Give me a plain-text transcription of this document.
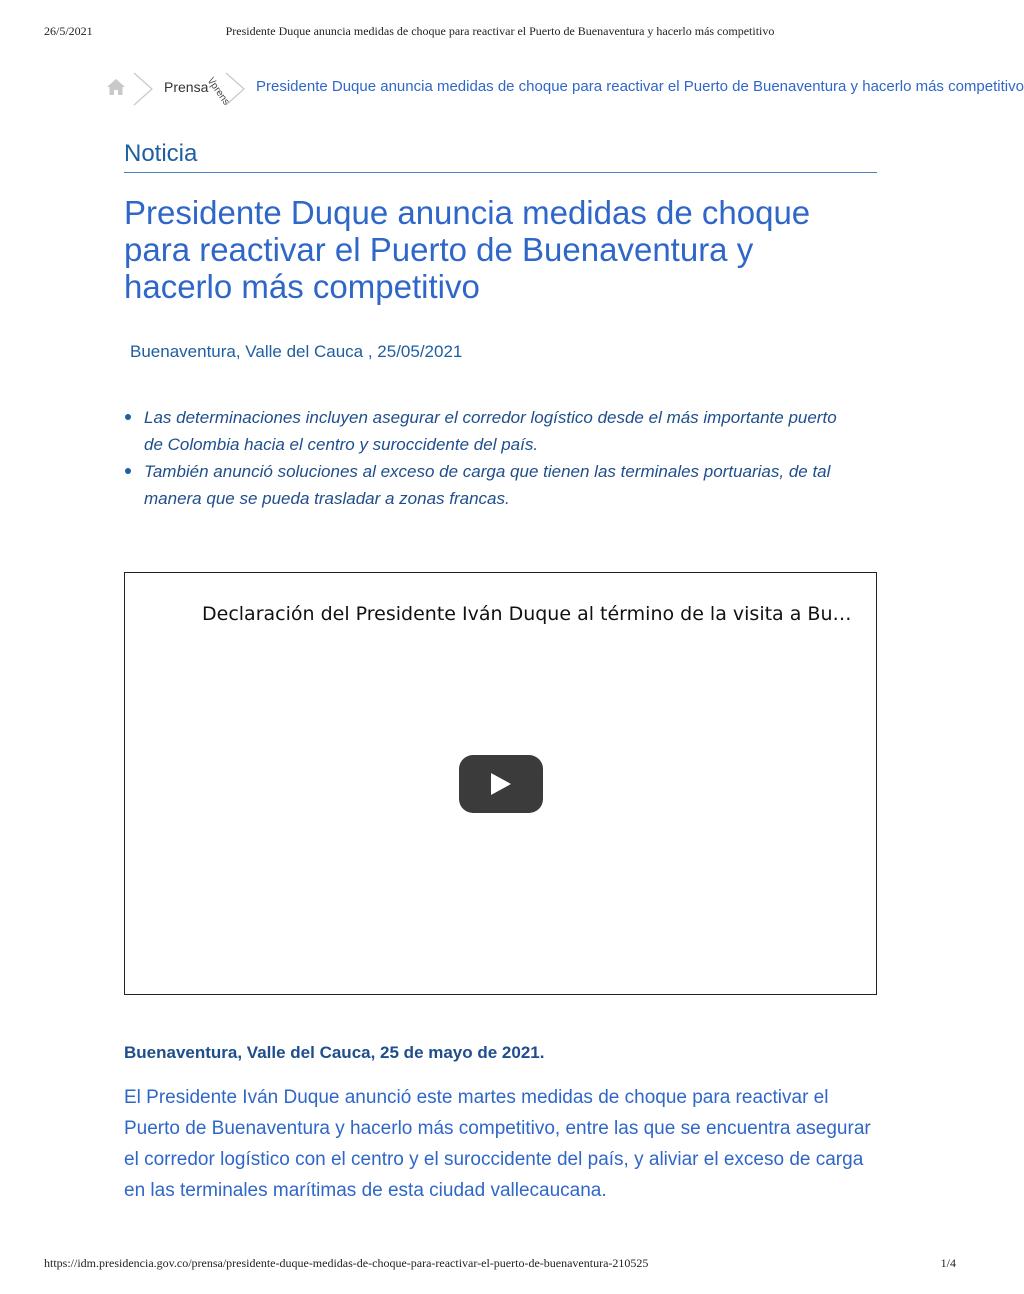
26/5/2021	Presidente Duque anuncia medidas de choque para reactivar el Puerto de Buenaventura y hacerlo más competitivo
Prensa
\/prens Presidente Duque anuncia medidas de choque para reactivar el Puerto de Buenaventura y hacerlo más competitivo
Noticia
Presidente Duque anuncia medidas de choque para reactivar el Puerto de Buenaventura y hacerlo más competitivo
Buenaventura, Valle del Cauca , 25/05/2021
Las determinaciones incluyen asegurar el corredor logístico desde el más importante puerto de Colombia hacia el centro y suroccidente del país.
También anunció soluciones al exceso de carga que tienen las terminales portuarias, de tal manera que se pueda trasladar a zonas francas.
Declaración del Presidente Iván Duque al término de la visita a Bu…
Buenaventura, Valle del Cauca, 25 de mayo de 2021.

El Presidente Iván Duque anunció este martes medidas de choque para reactivar el Puerto de Buenaventura y hacerlo más competitivo, entre las que se encuentra asegurar el corredor logístico con el centro y el suroccidente del país, y aliviar el exceso de carga en las terminales marítimas de esta ciudad vallecaucana.

https://idm.presidencia.gov.co/prensa/presidente-duque-medidas-de-choque-para-reactivar-el-puerto-de-buenaventura-210525	1/4
